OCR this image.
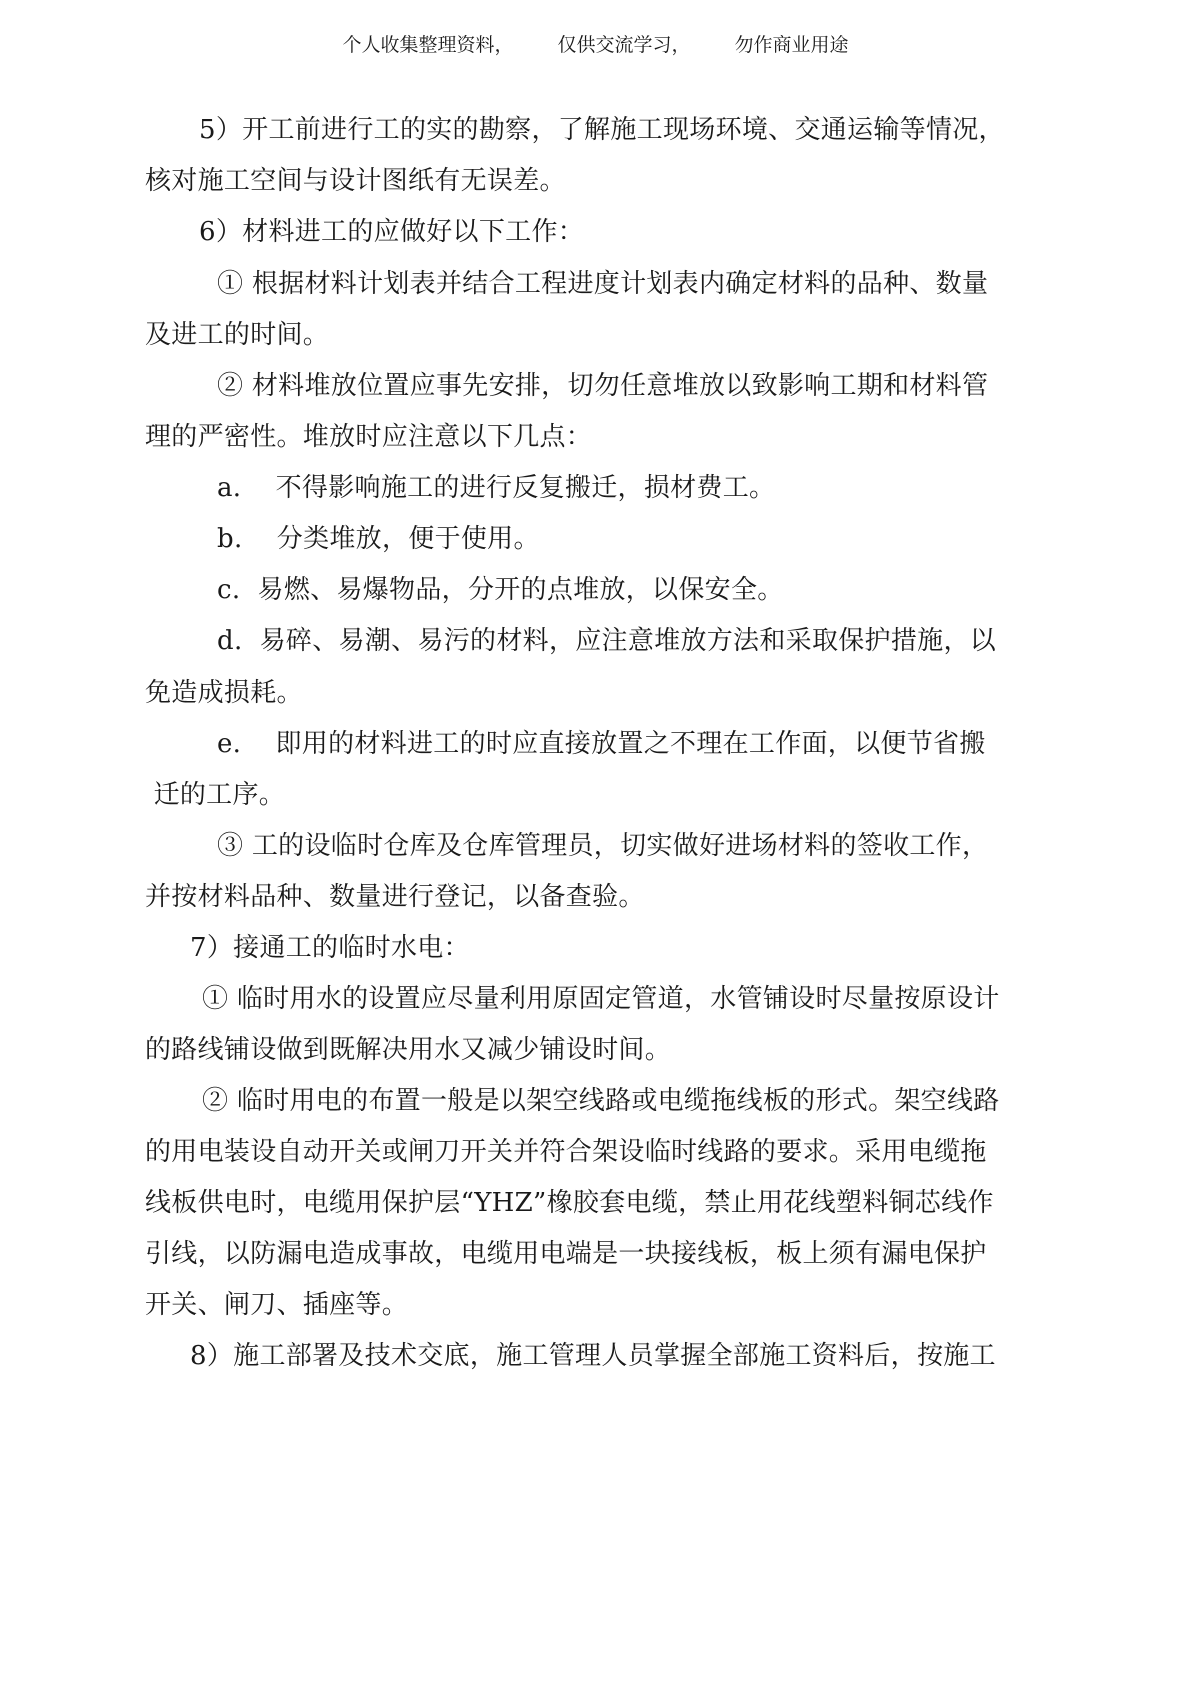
个人收集整理资料， 仅供交流学习， 勿作商业用途
5）开工前进行工的实的勘察，了解施工现场环境、交通运输等情况，
核对施工空间与设计图纸有无误差。
6）材料进工的应做好以下工作：
① 根据材料计划表并结合工程进度计划表内确定材料的品种、数量
及进工的时间。
② 材料堆放位置应事先安排，切勿任意堆放以致影响工期和材料管
理的严密性。堆放时应注意以下几点：
a.    不得影响施工的进行反复搬迁，损材费工。
b.    分类堆放，便于使用。
c.  易燃、易爆物品，分开的点堆放，以保安全。
d.  易碎、易潮、易污的材料，应注意堆放方法和采取保护措施，以
免造成损耗。
e.    即用的材料进工的时应直接放置之不理在工作面，以便节省搬
迁的工序。
③ 工的设临时仓库及仓库管理员，切实做好进场材料的签收工作，
并按材料品种、数量进行登记，以备查验。
7）接通工的临时水电：
① 临时用水的设置应尽量利用原固定管道，水管铺设时尽量按原设计
的路线铺设做到既解决用水又减少铺设时间。
② 临时用电的布置一般是以架空线路或电缆拖线板的形式。架空线路
的用电装设自动开关或闸刀开关并符合架设临时线路的要求。采用电缆拖
线板供电时，电缆用保护层“YHZ”橡胶套电缆，禁止用花线塑料铜芯线作
引线，以防漏电造成事故，电缆用电端是一块接线板，板上须有漏电保护
开关、闸刀、插座等。
8）施工部署及技术交底，施工管理人员掌握全部施工资料后，按施工
